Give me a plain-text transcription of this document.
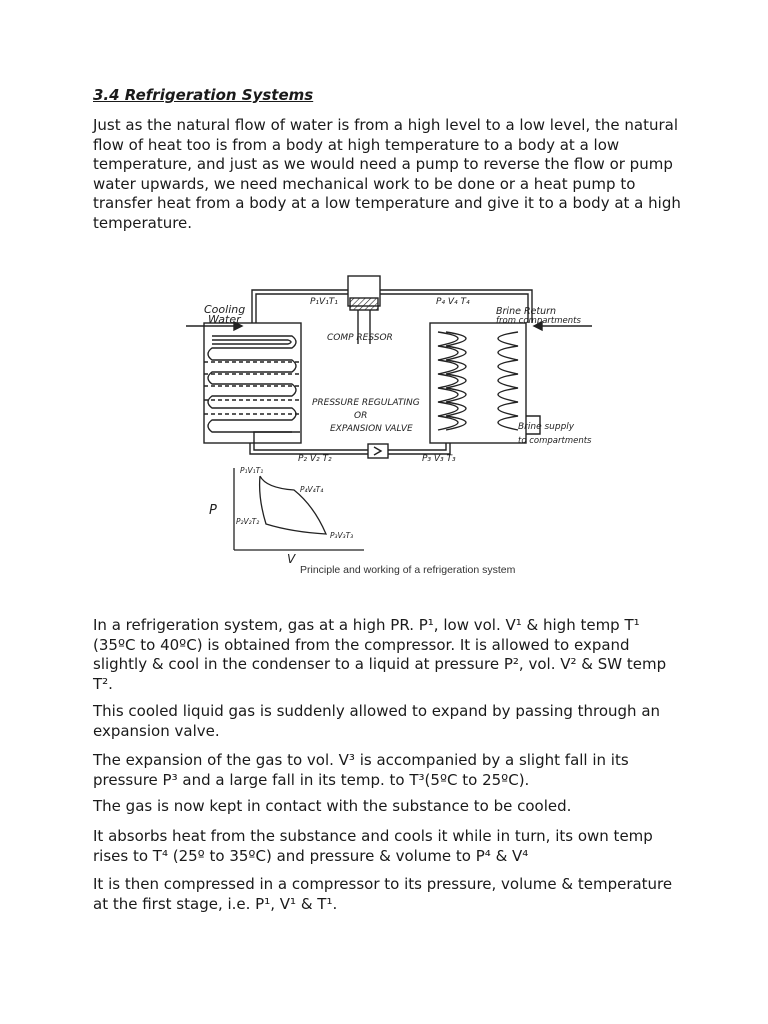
3.4 Refrigeration Systems

Just as the natural flow of water is from a high level to a low level, the natural flow of heat too is from a body at high temperature to a body at a low temperature, and just as we would need a pump to reverse the flow or pump water upwards, we need mechanical work to be done or a heat pump to transfer heat from a body at a low temperature and give it to a body at a high temperature.

Cooling
Water
P₁V₁T₁	P₄ V₄ T₄
Brine Return
from compartments
COMP RESSOR
PRESSURE REGULATING
OR
EXPANSION VALVE	Brine supply
to compartments
P₂ V₂ T₂	P₃ V₃ T₃
P
V
P₁V₁T₁
P₄V₄T₄
P₂V₂T₂
P₃V₃T₃
Principle and working of a refrigeration system

In a refrigeration system, gas at a high PR. P¹, low vol. V¹ & high temp T¹ (35ºC to 40ºC) is obtained from the compressor. It is allowed to expand slightly & cool in the condenser to a liquid at pressure P², vol. V² & SW temp T².

This cooled liquid gas is suddenly allowed to expand by passing through an expansion valve.

The expansion of the gas to vol. V³ is accompanied by a slight fall in its pressure P³ and a large fall in its temp. to T³(5ºC to 25ºC).

The gas is now kept in contact with the substance to be cooled.

It absorbs heat from the substance and cools it while in turn, its own temp rises to T⁴ (25º to 35ºC) and pressure & volume to P⁴ & V⁴

It is then compressed in a compressor to its pressure, volume & temperature at the first stage, i.e. P¹, V¹ & T¹.
